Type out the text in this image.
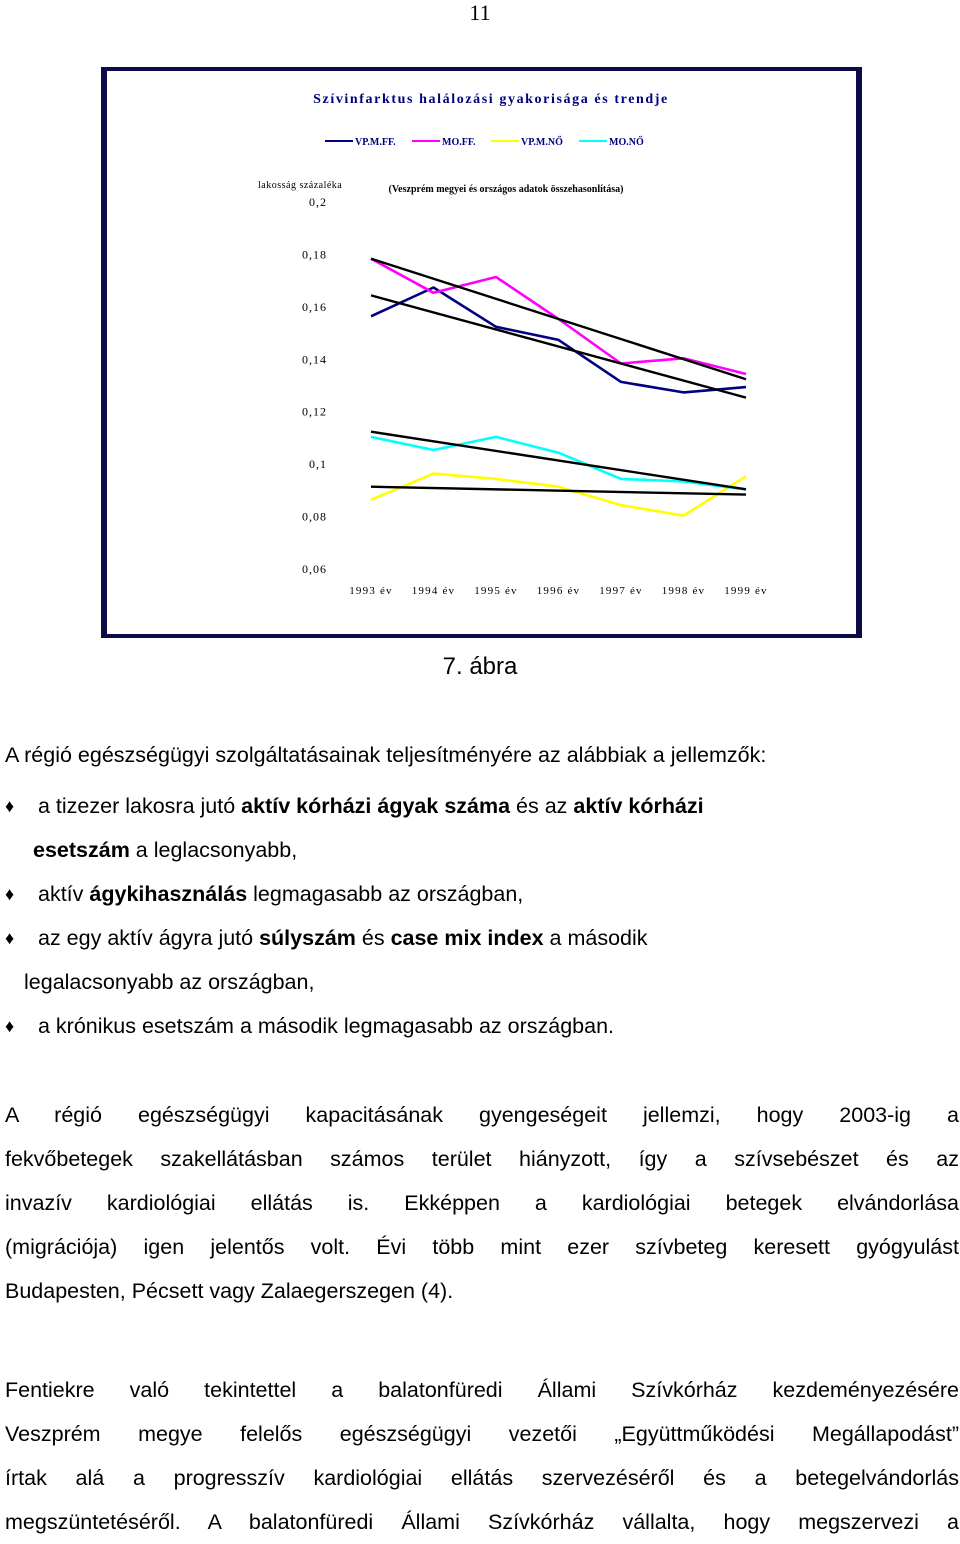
11
Szívinfarktus halálozási gyakorisága és trendje
VP.M.FF.	MO.FF.	VP.M.NŐ	MO.NŐ
lakosság százaléka	(Veszprém megyei és országos adatok összehasonlítása)
0,2
0,18
0,16
0,14
0,12
0,1
0,08
0,06
1993 év 1994 év 1995 év 1996 év 1997 év 1998 év 1999 év
7. ábra
A régió egészségügyi szolgáltatásainak teljesítményére az alábbiak a jellemzők:
♦ a tizezer lakosra jutó aktív kórházi ágyak száma és az aktív kórházi
esetszám a leglacsonyabb,
♦ aktív ágykihasználás legmagasabb az országban,
♦ az egy aktív ágyra jutó súlyszám és case mix index a második
legalacsonyabb az országban,
♦ a krónikus esetszám a második legmagasabb az országban.
A régió egészségügyi kapacitásának gyengeségeit jellemzi, hogy 2003-ig a
fekvőbetegek szakellátásban számos terület hiányzott, így a szívsebészet és az
invazív kardiológiai ellátás is. Ekképpen a kardiológiai betegek elvándorlása
(migrációja) igen jelentős volt. Évi több mint ezer szívbeteg keresett gyógyulást
Budapesten, Pécsett vagy Zalaegerszegen (4).
Fentiekre való tekintettel a balatonfüredi Állami Szívkórház kezdeményezésére
Veszprém megye felelős egészségügyi vezetői „Együttműködési Megállapodást”
írtak alá a progresszív kardiológiai ellátás szervezéséről és a betegelvándorlás
megszüntetéséről. A balatonfüredi Állami Szívkórház vállalta, hogy megszervezi a
